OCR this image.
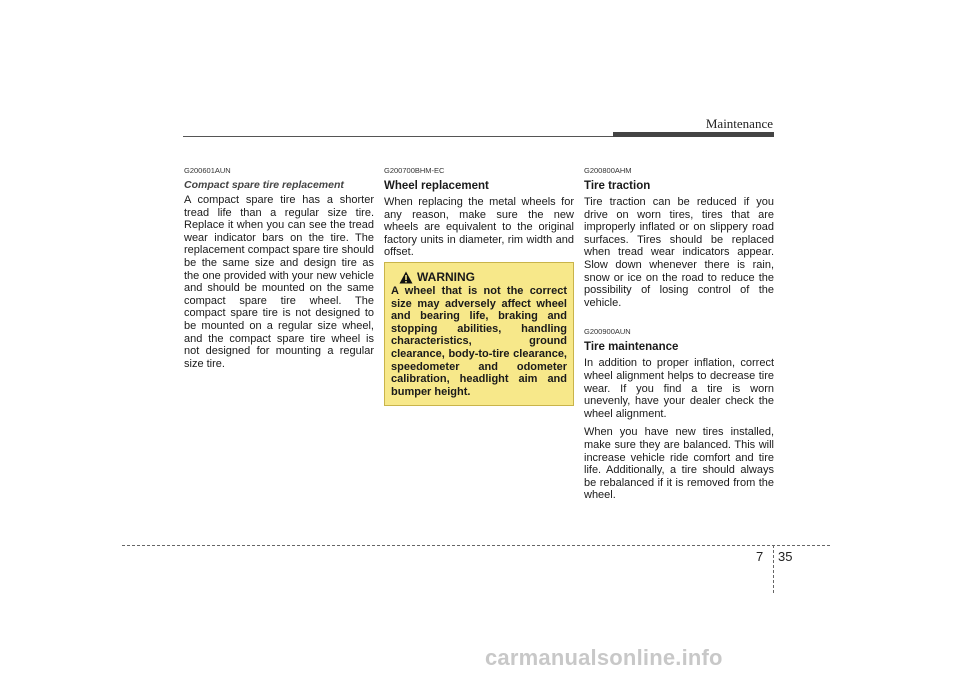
Maintenance

G200601AUN

Compact spare tire replacement

A compact spare tire has a shorter tread life than a regular size tire. Replace it when you can see the tread wear indicator bars on the tire. The replacement compact spare tire should be the same size and design tire as the one provided with your new vehicle and should be mounted on the same compact spare tire wheel. The compact spare tire is not designed to be mounted on a regular size wheel, and the compact spare tire wheel is not designed for mounting a regular size tire.

G200700BHM-EC

Wheel replacement

When replacing the metal wheels for any reason, make sure the new wheels are equivalent to the original factory units in diameter, rim width and offset.

WARNING

A wheel that is not the correct size may adversely affect wheel and bearing life, braking and stopping abilities, handling characteristics, ground clearance, body-to-tire clearance, speedometer and odometer calibration, headlight aim and bumper height.

G200800AHM

Tire traction

Tire traction can be reduced if you drive on worn tires, tires that are improperly inflated or on slippery road surfaces. Tires should be replaced when tread wear indicators appear. Slow down whenever there is rain, snow or ice on the road to reduce the possibility of losing control of the vehicle.

G200900AUN

Tire maintenance

In addition to proper inflation, correct wheel alignment helps to decrease tire wear. If you find a tire is worn unevenly, have your dealer check the wheel alignment.

When you have new tires installed, make sure they are balanced. This will increase vehicle ride comfort and tire life. Additionally, a tire should always be rebalanced if it is removed from the wheel.

7 35
carmanualsonline.info
